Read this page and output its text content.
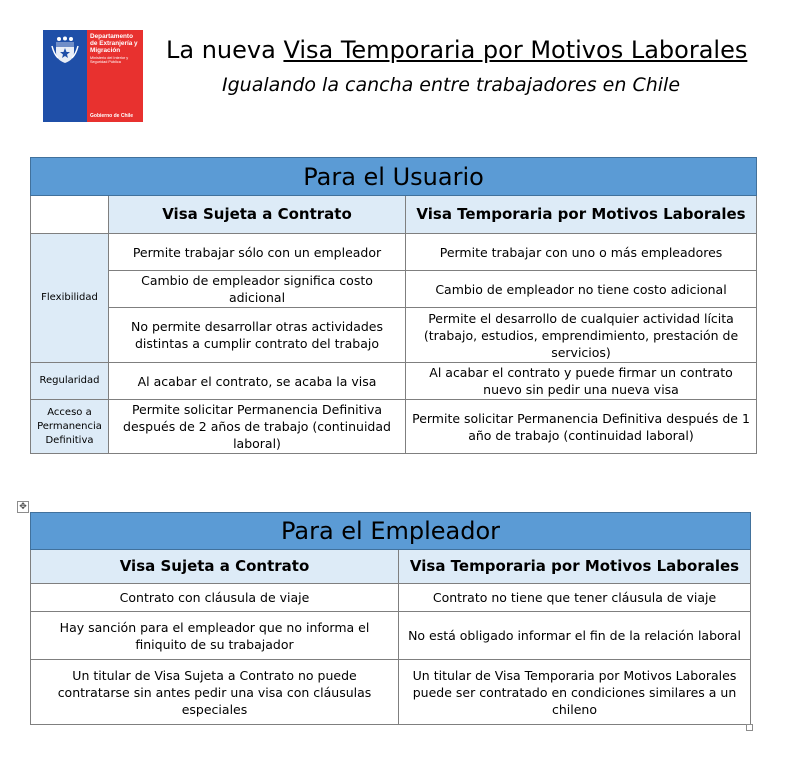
Departamento de Extranjería y Migración
Ministerio del Interior y Seguridad Pública
Gobierno de Chile
La nueva Visa Temporaria por Motivos Laborales
Igualando la cancha entre trabajadores en Chile
Para el Usuario		
	Visa Sujeta a Contrato	Visa Temporaria por Motivos Laborales
Flexibilidad	Permite trabajar sólo con un empleador	Permite trabajar con uno o más empleadores
	Cambio de empleador significa costo adicional	Cambio de empleador no tiene costo adicional
	No permite desarrollar otras actividades distintas a cumplir contrato del trabajo	Permite el desarrollo de cualquier actividad lícita (trabajo, estudios, emprendimiento, prestación de servicios)
Regularidad	Al acabar el contrato, se acaba la visa	Al acabar el contrato y puede firmar un contrato nuevo sin pedir una nueva visa
Acceso a Permanencia Definitiva	Permite solicitar Permanencia Definitiva después de 2 años de trabajo (continuidad laboral)	Permite solicitar Permanencia Definitiva después de 1 año de trabajo (continuidad laboral)
✥
Para el Empleador	
Visa Sujeta a Contrato	Visa Temporaria por Motivos Laborales
Contrato con cláusula de viaje	Contrato no tiene que tener cláusula de viaje
Hay sanción para el empleador que no informa el finiquito de su trabajador	No está obligado informar el fin de la relación laboral
Un titular de Visa Sujeta a Contrato no puede contratarse sin antes pedir una visa con cláusulas especiales	Un titular de Visa Temporaria por Motivos Laborales puede ser contratado en condiciones similares a un chileno
